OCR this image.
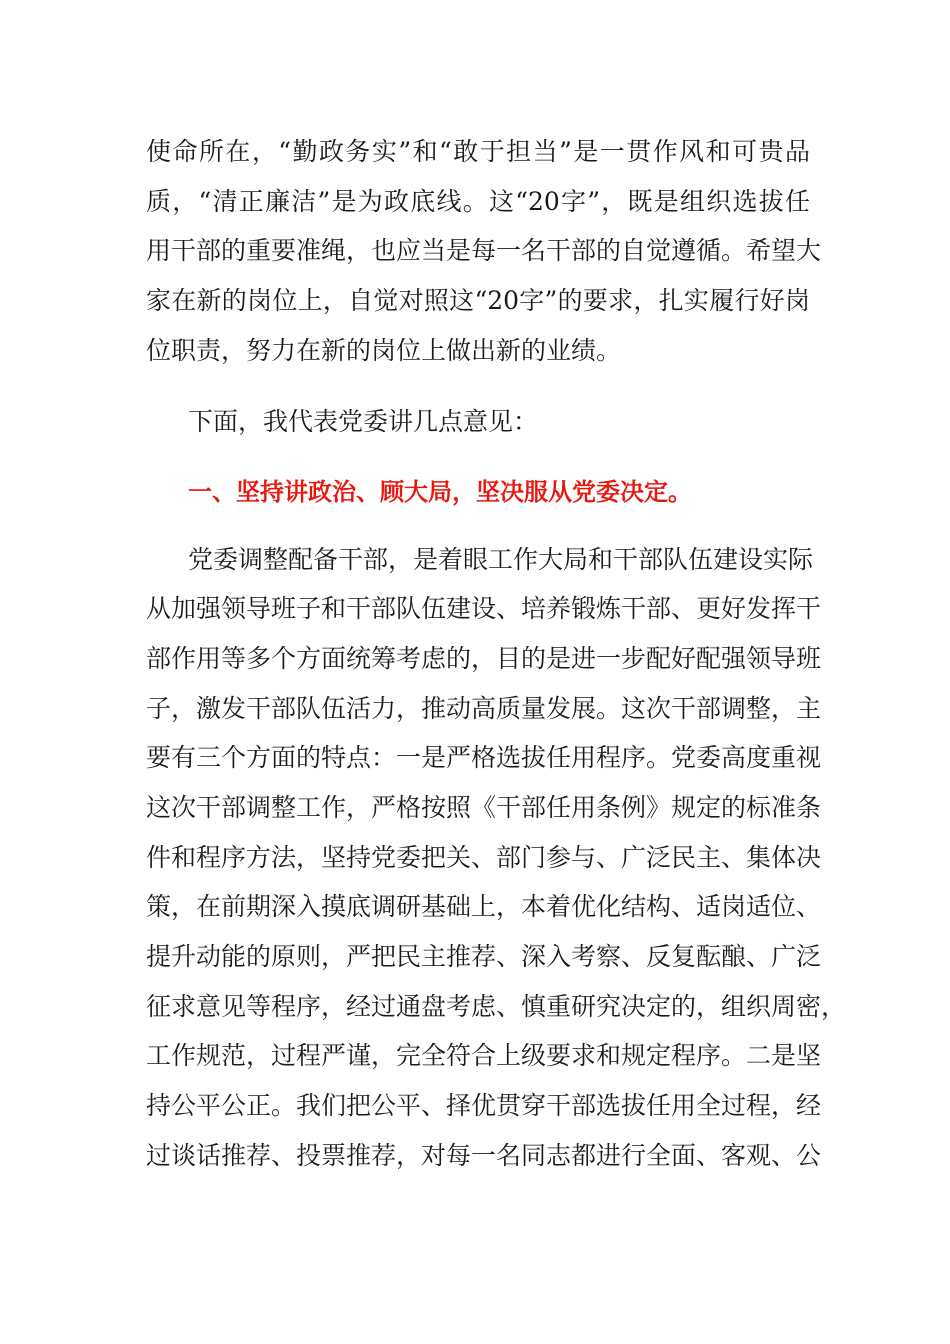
使命所在，“勤政务实”和“敢于担当”是一贯作风和可贵品
质，“清正廉洁”是为政底线。这“20字”，既是组织选拔任
用干部的重要准绳，也应当是每一名干部的自觉遵循。希望大
家在新的岗位上，自觉对照这“20字”的要求，扎实履行好岗
位职责，努力在新的岗位上做出新的业绩。
下面，我代表党委讲几点意见：
一、坚持讲政治、顾大局，坚决服从党委决定。
党委调整配备干部，是着眼工作大局和干部队伍建设实际
从加强领导班子和干部队伍建设、培养锻炼干部、更好发挥干
部作用等多个方面统筹考虑的，目的是进一步配好配强领导班
子，激发干部队伍活力，推动高质量发展。这次干部调整，主
要有三个方面的特点：一是严格选拔任用程序。党委高度重视
这次干部调整工作，严格按照《干部任用条例》规定的标准条
件和程序方法，坚持党委把关、部门参与、广泛民主、集体决
策，在前期深入摸底调研基础上，本着优化结构、适岗适位、
提升动能的原则，严把民主推荐、深入考察、反复酝酿、广泛
征求意见等程序，经过通盘考虑、慎重研究决定的，组织周密，
工作规范，过程严谨，完全符合上级要求和规定程序。二是坚
持公平公正。我们把公平、择优贯穿干部选拔任用全过程，经
过谈话推荐、投票推荐，对每一名同志都进行全面、客观、公
